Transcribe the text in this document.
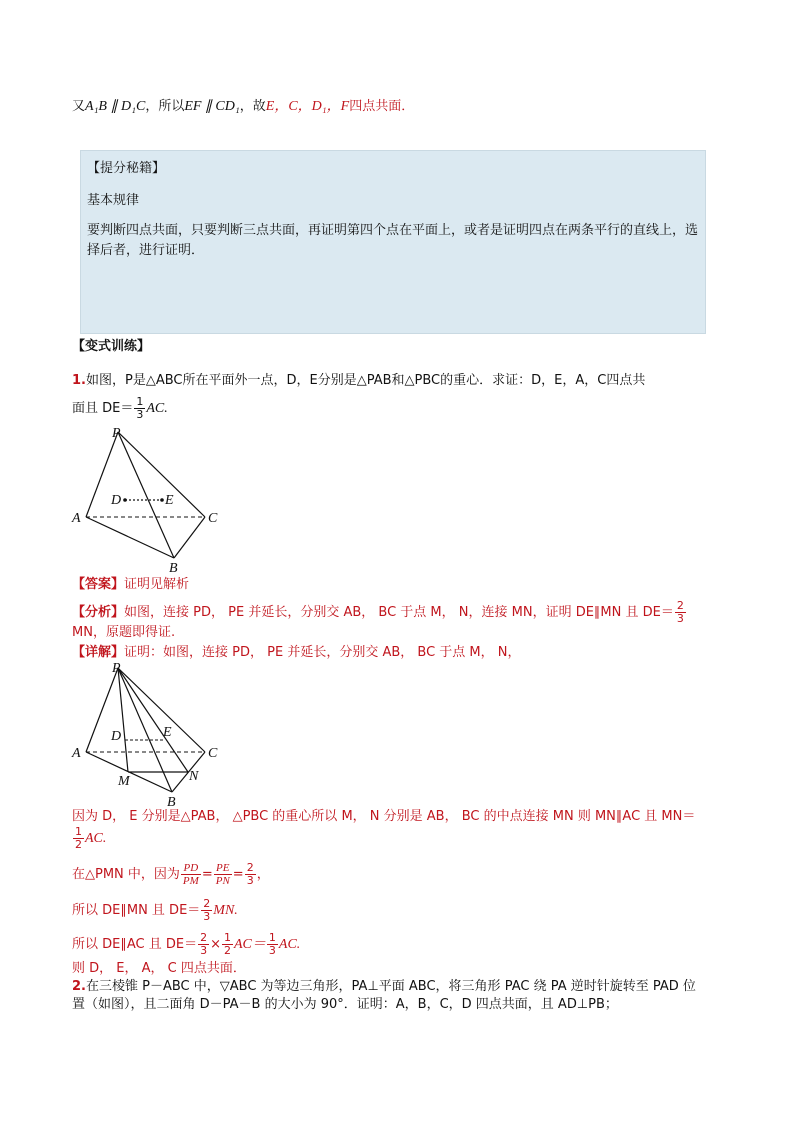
又A₁B ∥ D₁C，所以EF ∥ CD₁，故E，C，D₁，F四点共面．
【提分秘籍】
基本规律
要判断四点共面，只要判断三点共面，再证明第四个点在平面上，或者是证明四点在两条平行的直线上，选择后者，进行证明．
【变式训练】
1.如图，P是△ABC所在平面外一点，D，E分别是△PAB和△PBC的重心．求证：D，E，A，C四点共
面且 $DE= \frac{1}{3}$ AC.
P
A
B
C
D	E
【答案】证明见解析
【分析】如图，连接 PD， PE 并延长，分别交 AB， BC 于点 M， N，连接 MN，证明 DE∥MN 且 $DE= \frac{2}{3}$
MN，原题即得证.
【详解】证明：如图，连接 PD， PE 并延长，分别交 AB， BC 于点 M， N，
P
A
B
C
D	E
M	N
因为 D， E 分别是△PAB， △PBC 的重心所以 M， N 分别是 AB， BC 的中点连接 MN 则 MN∥AC 且 MN＝
$\frac{1}{2}$ AC.
在△PMN 中，因为 $\frac{PD}{PM} = \frac{PE}{PN} = \frac{2}{3}$ ，
所以 DE∥MN 且 $DE= \frac{2}{3}$ MN.
所以 DE∥AC 且 $DE= \frac{2}{3} \times \frac{1}{2} AC= \frac{1}{3}$ AC.
则 D， E， A， C 四点共面．
2.在三棱锥 P－ABC 中，▽ABC 为等边三角形，PA⊥平面 ABC，将三角形 PAC 绕 PA 逆时针旋转至 PAD 位
置（如图），且二面角 D－PA－B 的大小为 90°．证明：A，B，C，D 四点共面，且 AD⊥PB；
